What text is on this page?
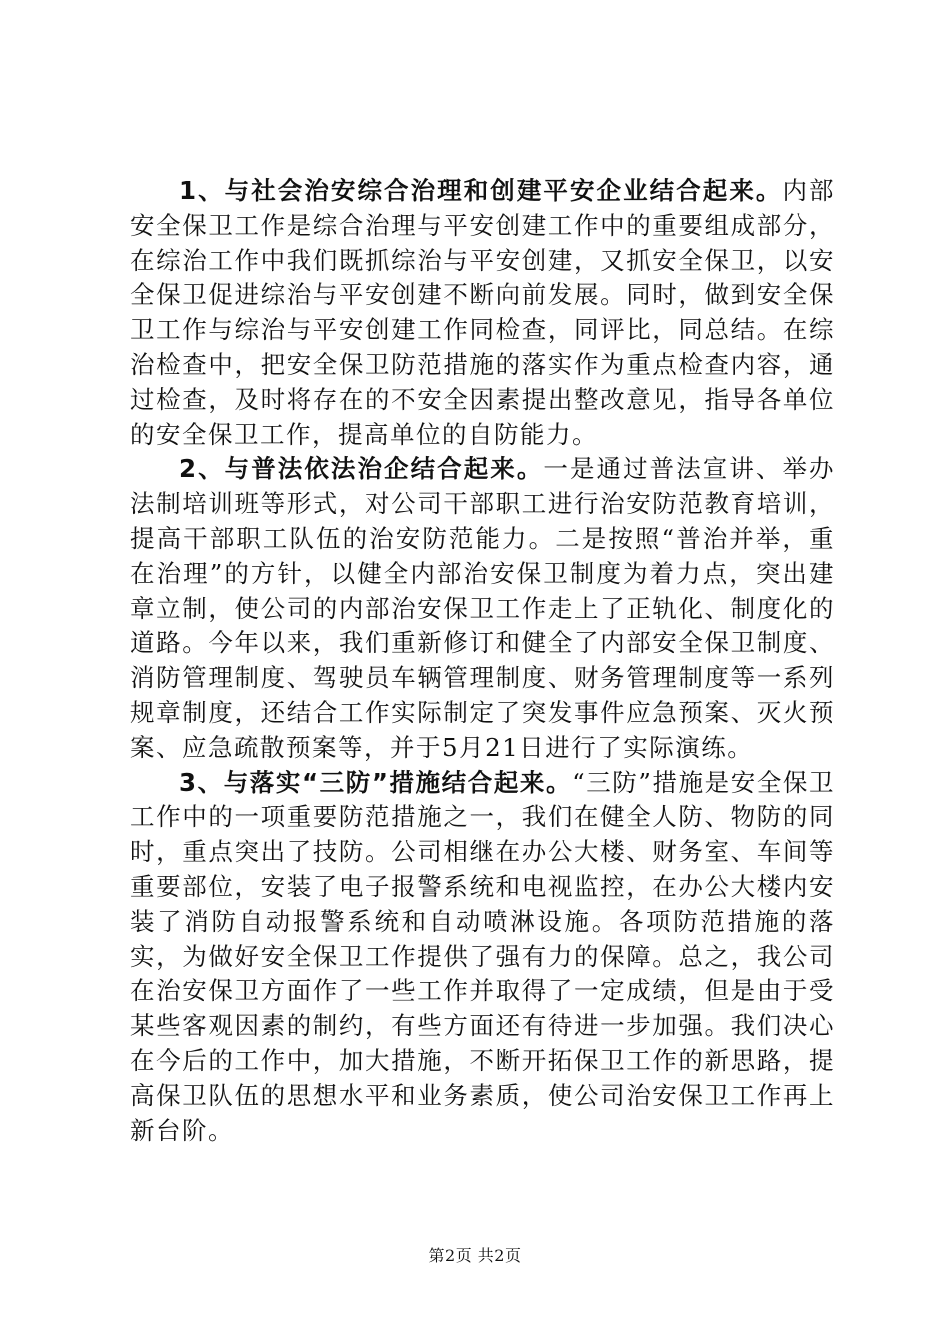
1、与社会治安综合治理和创建平安企业结合起来。内部安全保卫工作是综合治理与平安创建工作中的重要组成部分，在综治工作中我们既抓综治与平安创建，又抓安全保卫，以安全保卫促进综治与平安创建不断向前发展。同时，做到安全保卫工作与综治与平安创建工作同检查，同评比，同总结。在综治检查中，把安全保卫防范措施的落实作为重点检查内容，通过检查，及时将存在的不安全因素提出整改意见，指导各单位的安全保卫工作，提高单位的自防能力。

2、与普法依法治企结合起来。一是通过普法宣讲、举办法制培训班等形式，对公司干部职工进行治安防范教育培训，提高干部职工队伍的治安防范能力。二是按照“普治并举，重在治理”的方针，以健全内部治安保卫制度为着力点，突出建章立制，使公司的内部治安保卫工作走上了正轨化、制度化的道路。今年以来，我们重新修订和健全了内部安全保卫制度、消防管理制度、驾驶员车辆管理制度、财务管理制度等一系列规章制度，还结合工作实际制定了突发事件应急预案、灭火预案、应急疏散预案等，并于5月21日进行了实际演练。

3、与落实“三防”措施结合起来。“三防”措施是安全保卫工作中的一项重要防范措施之一，我们在健全人防、物防的同时，重点突出了技防。公司相继在办公大楼、财务室、车间等重要部位，安装了电子报警系统和电视监控，在办公大楼内安装了消防自动报警系统和自动喷淋设施。各项防范措施的落实，为做好安全保卫工作提供了强有力的保障。总之，我公司在治安保卫方面作了一些工作并取得了一定成绩，但是由于受某些客观因素的制约，有些方面还有待进一步加强。我们决心在今后的工作中，加大措施，不断开拓保卫工作的新思路，提高保卫队伍的思想水平和业务素质，使公司治安保卫工作再上新台阶。

第2页 共2页
